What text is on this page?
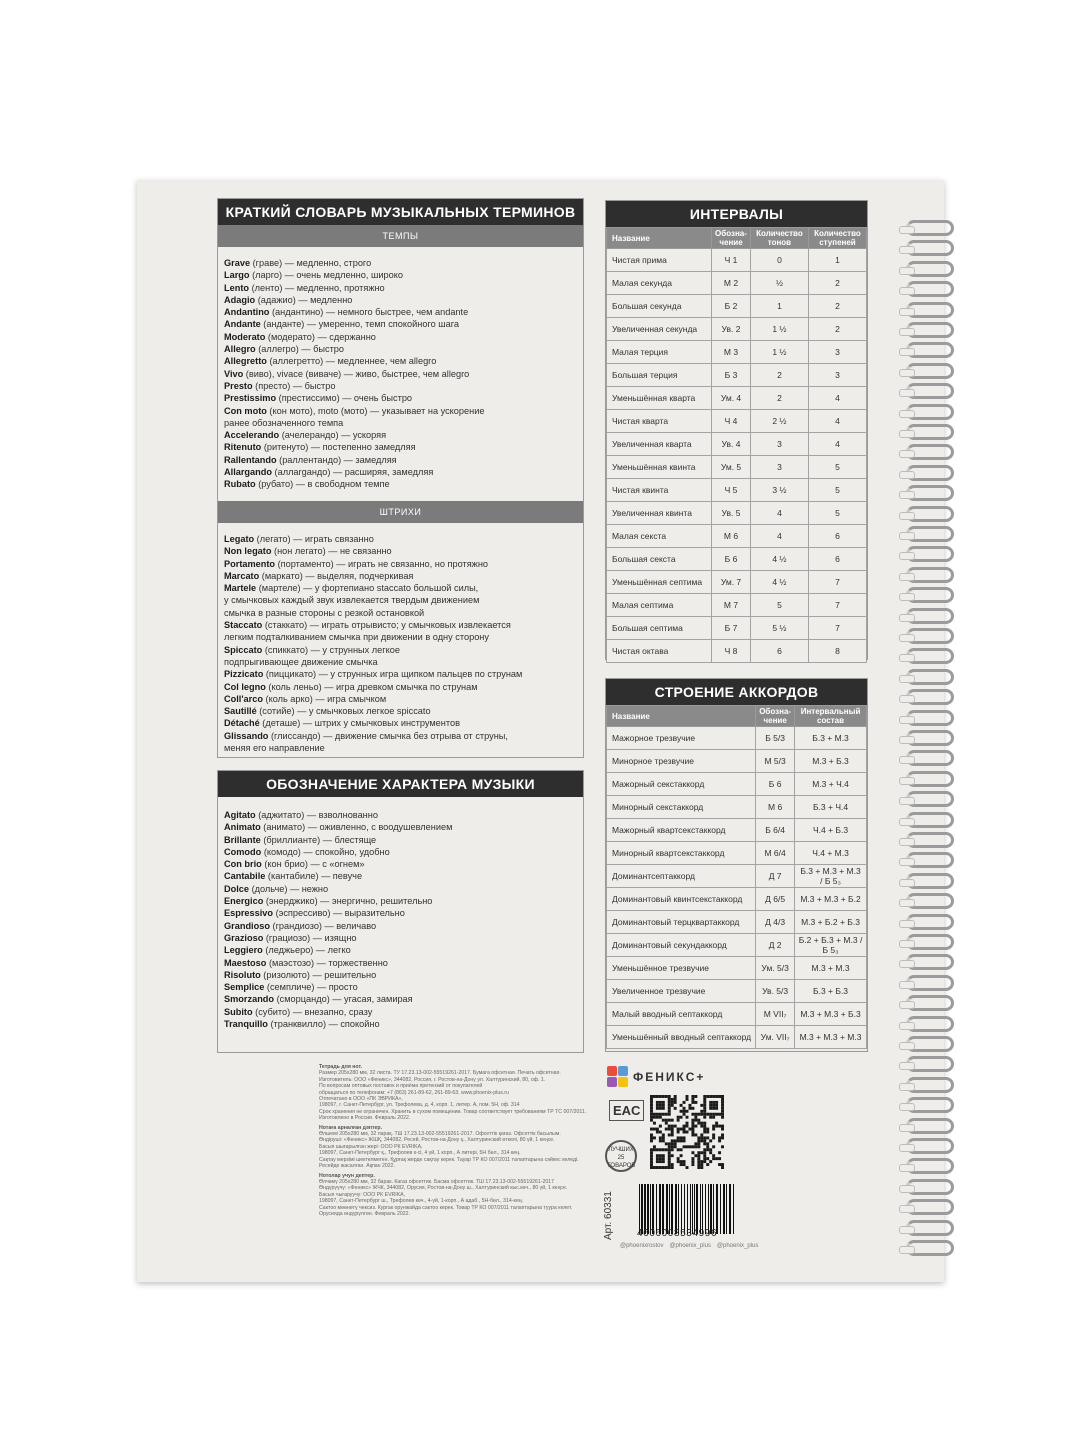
КРАТКИЙ СЛОВАРЬ МУЗЫКАЛЬНЫХ ТЕРМИНОВ
ТЕМПЫ
Grave (граве) — медленно, строго
Largo (ларго) — очень медленно, широко
Lento (ленто) — медленно, протяжно
Adagio (адажио) — медленно
Andantino (андантино) — немного быстрее, чем andante
Andante (анданте) — умеренно, темп спокойного шага
Moderato (модерато) — сдержанно
Allegro (аллегро) — быстро
Allegretto (аллегретто) — медленнее, чем allegro
Vivo (виво), vivace (виваче) — живо, быстрее, чем allegro
Presto (престо) — быстро
Prestissimo (престиссимо) — очень быстро
Con moto (кон мото), moto (мото) — указывает на ускорение
ранее обозначенного темпа
Accelerando (ачелерандо) — ускоряя
Ritenuto (ритенуто) — постепенно замедляя
Rallentando (раллентандо) — замедляя
Allargando (аллargандо) — расширяя, замедляя
Rubato (рубато) — в свободном темпе
ШТРИХИ
Legato (легато) — играть связанно
Non legato (нон легато) — не связанно
Portamento (портаменто) — играть не связанно, но протяжно
Marcato (маркато) — выделяя, подчеркивая
Martele (мартеле) — у фортепиано staccato большой силы,
у смычковых каждый звук извлекается твердым движением
смычка в разные стороны с резкой остановкой
Staccato (стаккато) — играть отрывисто; у смычковых извлекается
легким подталкиванием смычка при движении в одну сторону
Spiccato (спиккато) — у струнных легкое
подпрыгивающее движение смычка
Pizzicato (пиццикато) — у струнных игра щипком пальцев по струнам
Col legno (коль леньо) — игра древком смычка по струнам
Coll'arco (коль арко) — игра смычком
Sautillé (сотийе) — у смычковых легкое spiccato
Détaché (деташе) — штрих у смычковых инструментов
Glissando (глиссандо) — движение смычка без отрыва от струны,
меняя его направление
ОБОЗНАЧЕНИЕ ХАРАКТЕРА МУЗЫКИ
Agitato (аджитато) — взволнованно
Animato (анимато) — оживленно, с воодушевлением
Brillante (бриллианте) — блестяще
Comodo (комодо) — спокойно, удобно
Con brio (кон брио) — с «огнем»
Cantabile (кантабиле) — певуче
Dolce (дольче) — нежно
Energico (энерджико) — энергично, решительно
Espressivo (эспрессиво) — выразительно
Grandioso (грандиозо) — величаво
Grazioso (грациозо) — изящно
Leggiero (леджьеро) — легко
Maestoso (маэстозо) — торжественно
Risoluto (ризолюто) — решительно
Semplice (семпличе) — просто
Smorzando (сморцандо) — угасая, замирая
Subito (субито) — внезапно, сразу
Tranquillo (транквилло) — спокойно
ИНТЕРВАЛЫ
Название	Обозна-чение	Количество тонов	Количество ступеней
Чистая прима	Ч 1	0	1
Малая секунда	М 2	½	2
Большая секунда	Б 2	1	2
Увеличенная секунда	Ув. 2	1 ½	2
Малая терция	М 3	1 ½	3
Большая терция	Б 3	2	3
Уменьшённая кварта	Ум. 4	2	4
Чистая кварта	Ч 4	2 ½	4
Увеличенная кварта	Ув. 4	3	4
Уменьшённая квинта	Ум. 5	3	5
Чистая квинта	Ч 5	3 ½	5
Увеличенная квинта	Ув. 5	4	5
Малая секста	М 6	4	6
Большая секста	Б 6	4 ½	6
Уменьшённая септима	Ум. 7	4 ½	7
Малая септима	М 7	5	7
Большая септима	Б 7	5 ½	7
Чистая октава	Ч 8	6	8
СТРОЕНИЕ АККОРДОВ
Название	Обозна-чение	Интервальный состав
Мажорное трезвучие	Б 5/3	Б.3 + М.3
Минорное трезвучие	М 5/3	М.3 + Б.3
Мажорный секстаккорд	Б 6	М.3 + Ч.4
Минорный секстаккорд	М 6	Б.3 + Ч.4
Мажорный квартсекстаккорд	Б 6/4	Ч.4 + Б.3
Минорный квартсекстаккорд	М 6/4	Ч.4 + М.3
Доминантсептаккорд	Д 7	Б.3 + М.3 + М.3 / Б 5₃
Доминантовый квинтсекстаккорд	Д 6/5	М.3 + М.3 + Б.2
Доминантовый терцквартаккорд	Д 4/3	М.3 + Б.2 + Б.3
Доминантовый секундаккорд	Д 2	Б.2 + Б.3 + М.3 / Б 5₃
Уменьшённое трезвучие	Ум. 5/3	М.3 + М.3
Увеличенное трезвучие	Ув. 5/3	Б.3 + Б.3
Малый вводный септаккорд	М VII₇	М.3 + М.3 + Б.3
Уменьшённый вводный септаккорд	Ум. VII₇	М.3 + М.3 + М.3
Тетрадь для нот.
Размер 205х280 мм, 32 листа. ТУ 17.23.13-002-55519261-2017. Бумага офсетная. Печать офсетная.
Изготовитель: ООО «Феникс», 344082, Россия, г. Ростов-на-Дону ул. Халтуринский, 80, оф. 1.
По вопросам оптовых поставок и приёма претензий от покупателей
обращаться по телефонам: +7 (863) 261-89-62, 261-89-63. www.phoenix-plus.ru
Отпечатано в ООО «ПК ЭВРИКА»,
198097, г. Санкт-Петербург, ул. Трефолева, д. 4, корп. 1, литер. А, пом. 5Н, оф. 314
Срок хранения не ограничен. Хранить в сухом помещении. Товар соответствует требованиям ТР ТС 007/2011.
Изготовлено в России. Февраль 2022.
Нотаға арналған дәптер.
Өлшемі 205х280 мм, 32 парақ. ТШ 17.23.13-002-55519261-2017. Офсеттік қағаз. Офсеттік басылым.
Өндіруші: «Феникс» ЖШҚ, 344082, Ресей, Ростов-на-Дону қ., Халтуринский өткелі, 80 үй, 1 кеңсе.
Басып шығарылған жері: ООО РК EVRIKA,
198097, Санкт-Петербург қ., Трефолев к-сі, 4 үй, 1 корп., А литері, 5Н бөл., 314 кең.
Сақтау мерзімі шектелмеген. Құрғақ жерде сақтау керек. Тауар ТР КО 007/2011 талаптарына сәйкес келеді.
Ресейде жасалған. Ақпан 2022.
Нотолар учун дептер.
Өлчөмү 205х280 мм, 32 барак. Кагаз офсеттик. Басма офсеттик. ТШ 17.23.13-002-55519261-2017
Өндүрүүчү: «Феникс» ЖЧК, 344082, Орусия, Ростов-на-Дону ш., Халтуринский кыс.көч., 80 үй, 1 кеңсе.
Басып чыгаруучу: ООО РК EVRIKA,
198097, Санкт-Петербург ш., Трефолев көч., 4-үй, 1-корп., А адаб., 5Н-бөл., 314-кең.
Сактоо мөөнөтү чексиз. Кургак орунжайда сактоо керек. Товар ТР КО 007/2011 талаптарына туура келет.
Орусияда өндүрүлгөн. Февраль 2022.
ФЕНИКС+
EAC
ЛУЧШИХ 25 ТОВАРОВ
Арт. 60331 4606008534996
@phoenixrostov @phoenix_plus @phoenix_plus
